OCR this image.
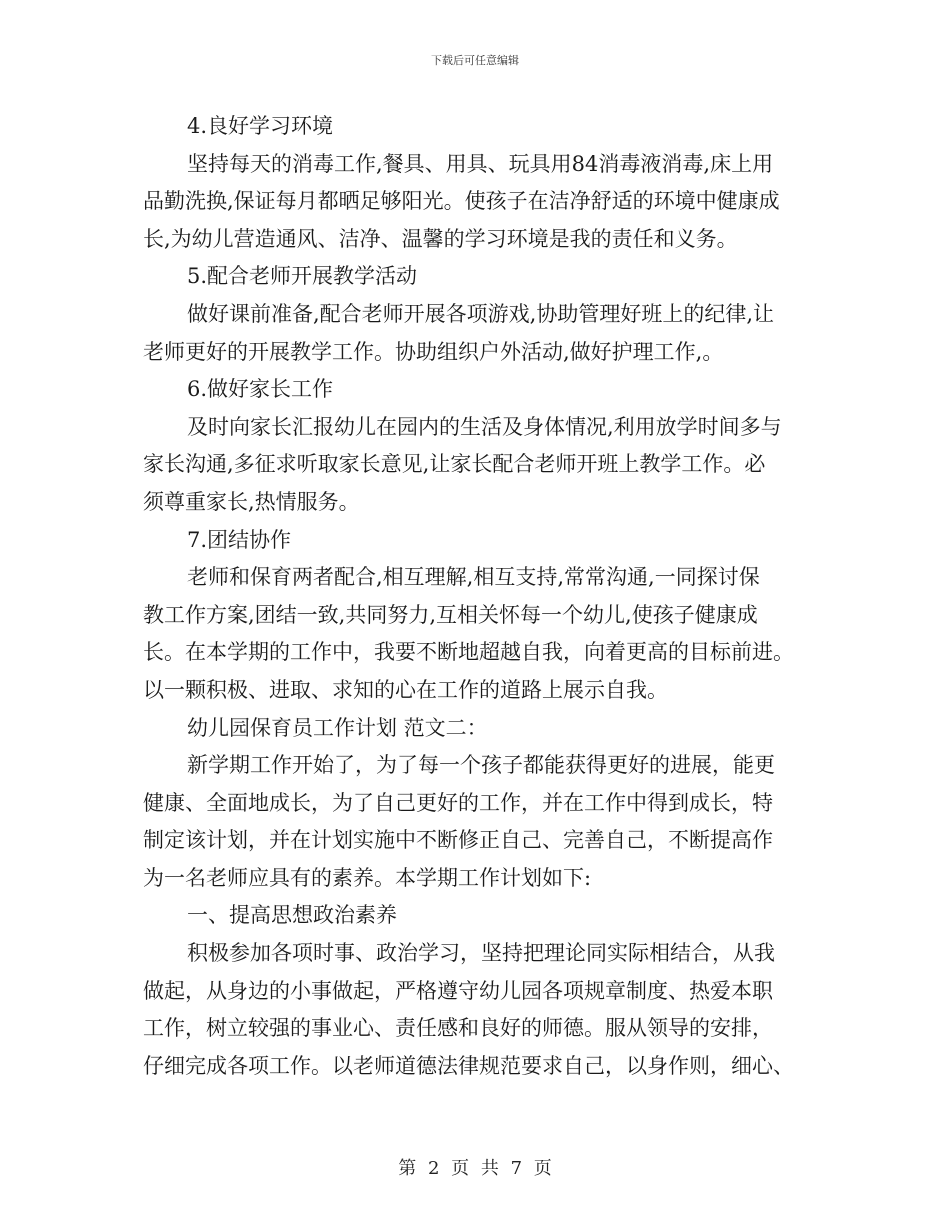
下载后可任意编辑
4.良好学习环境
坚持每天的消毒工作,餐具、用具、玩具用84消毒液消毒,床上用
品勤洗换,保证每月都晒足够阳光。使孩子在洁净舒适的环境中健康成
长,为幼儿营造通风、洁净、温馨的学习环境是我的责任和义务。
5.配合老师开展教学活动
做好课前准备,配合老师开展各项游戏,协助管理好班上的纪律,让
老师更好的开展教学工作。协助组织户外活动,做好护理工作,。
6.做好家长工作
及时向家长汇报幼儿在园内的生活及身体情况,利用放学时间多与
家长沟通,多征求听取家长意见,让家长配合老师开班上教学工作。必
须尊重家长,热情服务。
7.团结协作
老师和保育两者配合,相互理解,相互支持,常常沟通,一同探讨保
教工作方案,团结一致,共同努力,互相关怀每一个幼儿,使孩子健康成
长。在本学期的工作中，我要不断地超越自我，向着更高的目标前进。
以一颗积极、进取、求知的心在工作的道路上展示自我。
幼儿园保育员工作计划 范文二：
新学期工作开始了，为了每一个孩子都能获得更好的进展，能更
健康、全面地成长，为了自己更好的工作，并在工作中得到成长，特
制定该计划，并在计划实施中不断修正自己、完善自己，不断提高作
为一名老师应具有的素养。本学期工作计划如下:
一、提高思想政治素养
积极参加各项时事、政治学习，坚持把理论同实际相结合，从我
做起，从身边的小事做起，严格遵守幼儿园各项规章制度、热爱本职
工作，树立较强的事业心、责任感和良好的师德。服从领导的安排，
仔细完成各项工作。以老师道德法律规范要求自己，以身作则，细心、
第 2 页 共 7 页
